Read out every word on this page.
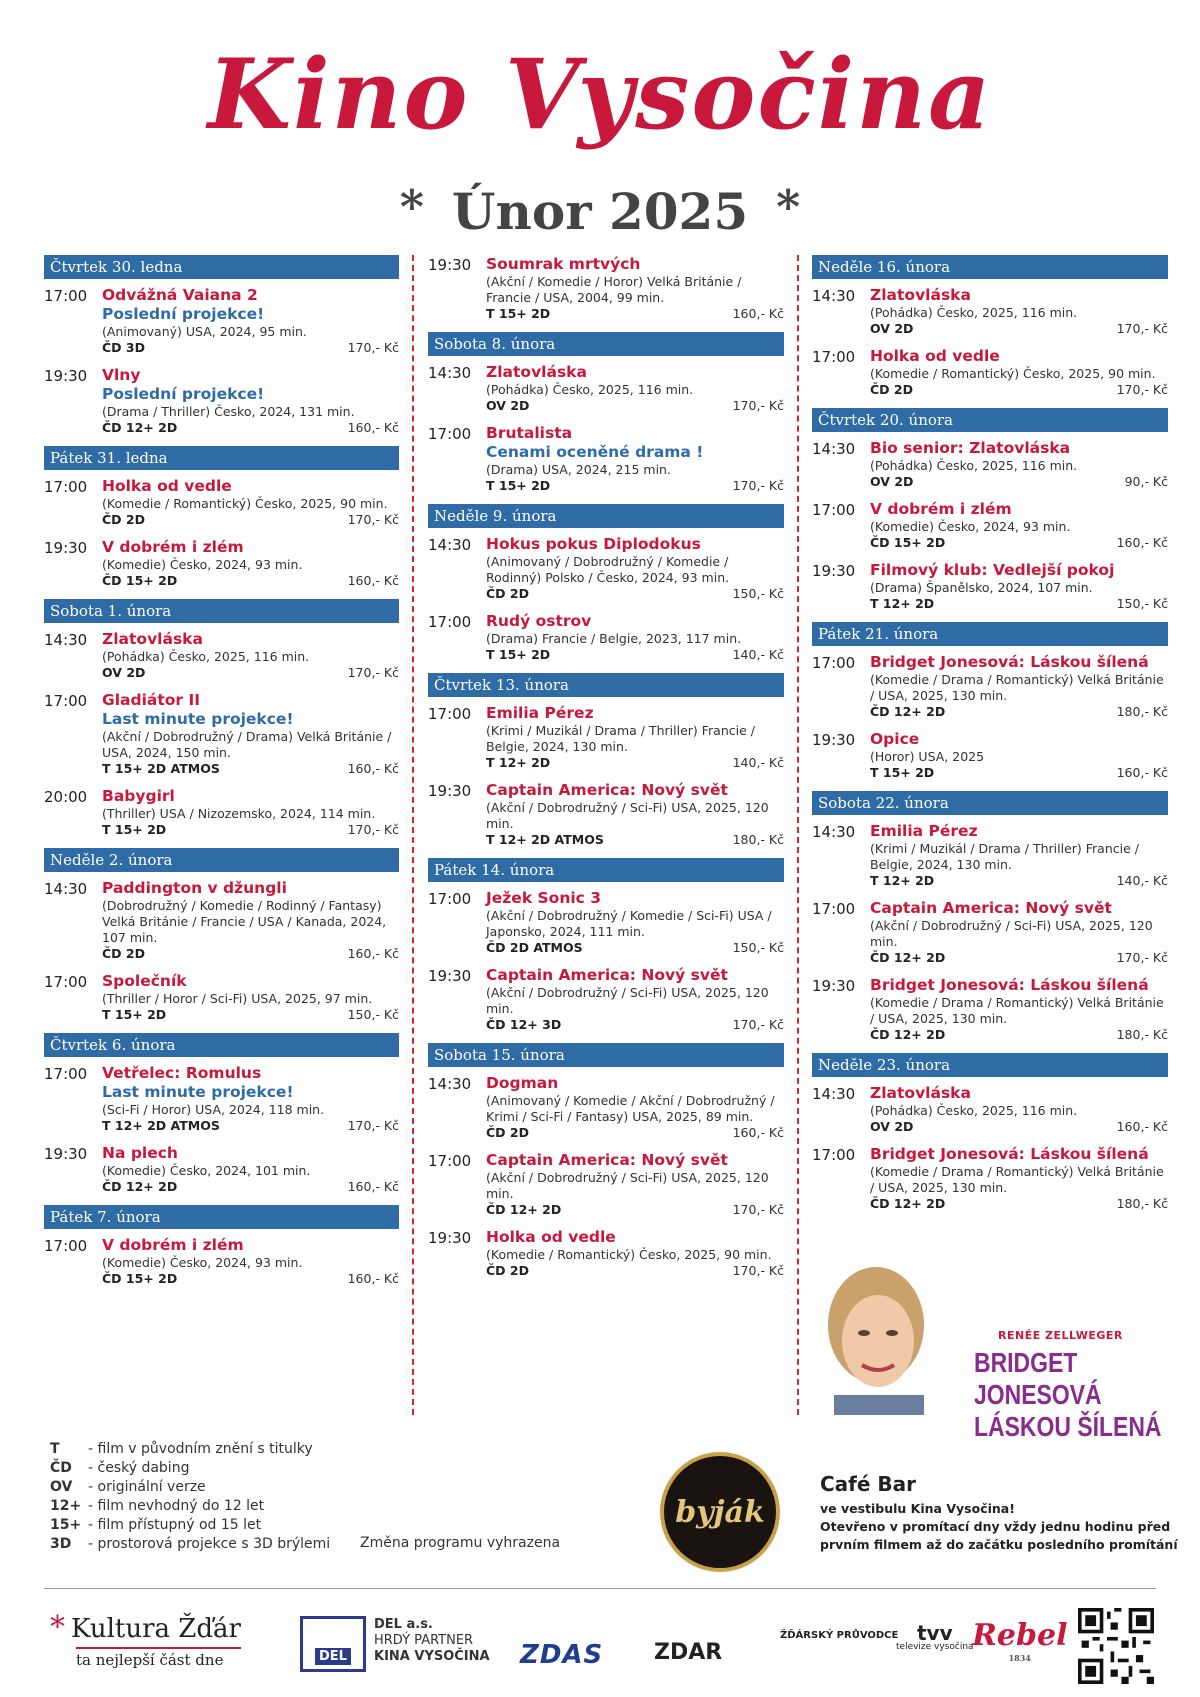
Kino Vysočina
* Únor 2025 *
Čtvrtek 30. ledna
17:00 Odvážná Vaiana 2
Poslední projekce!
(Animovaný) USA, 2024, 95 min.
ČD 3D	170,- Kč
19:30 Vlny
Poslední projekce!
(Drama / Thriller) Česko, 2024, 131 min.
ČD 12+ 2D	160,- Kč
Pátek 31. ledna
17:00 Holka od vedle
(Komedie / Romantický) Česko, 2025, 90 min.
ČD 2D	170,- Kč
19:30 V dobrém i zlém
(Komedie) Česko, 2024, 93 min.
ČD 15+ 2D	160,- Kč
Sobota 1. února
14:30 Zlatovláska
(Pohádka) Česko, 2025, 116 min.
OV 2D	170,- Kč
17:00 Gladiátor II
Last minute projekce!
(Akční / Dobrodružný / Drama) Velká Británie / USA, 2024, 150 min.
T 15+ 2D ATMOS	160,- Kč
20:00 Babygirl
(Thriller) USA / Nizozemsko, 2024, 114 min.
T 15+ 2D	170,- Kč
Neděle 2. února
14:30 Paddington v džungli
(Dobrodružný / Komedie / Rodinný / Fantasy) Velká Británie / Francie / USA / Kanada, 2024, 107 min.
ČD 2D	160,- Kč
17:00 Společník
(Thriller / Horor / Sci-Fi) USA, 2025, 97 min.
T 15+ 2D	150,- Kč
Čtvrtek 6. února
17:00 Vetřelec: Romulus
Last minute projekce!
(Sci-Fi / Horor) USA, 2024, 118 min.
T 12+ 2D ATMOS	170,- Kč
19:30 Na plech
(Komedie) Česko, 2024, 101 min.
ČD 12+ 2D	160,- Kč
Pátek 7. února
17:00 V dobrém i zlém
(Komedie) Česko, 2024, 93 min.
ČD 15+ 2D	160,- Kč
19:30 Soumrak mrtvých
(Akční / Komedie / Horor) Velká Británie / Francie / USA, 2004, 99 min.
T 15+ 2D	160,- Kč
Sobota 8. února
14:30 Zlatovláska
(Pohádka) Česko, 2025, 116 min.
OV 2D	170,- Kč
17:00 Brutalista
Cenami oceněné drama !
(Drama) USA, 2024, 215 min.
T 15+ 2D	170,- Kč
Neděle 9. února
14:30 Hokus pokus Diplodokus
(Animovaný / Dobrodružný / Komedie / Rodinný) Polsko / Česko, 2024, 93 min.
ČD 2D	150,- Kč
17:00 Rudý ostrov
(Drama) Francie / Belgie, 2023, 117 min.
T 15+ 2D	140,- Kč
Čtvrtek 13. února
17:00 Emilia Pérez
(Krimi / Muzikál / Drama / Thriller) Francie / Belgie, 2024, 130 min.
T 12+ 2D	140,- Kč
19:30 Captain America: Nový svět
(Akční / Dobrodružný / Sci-Fi) USA, 2025, 120 min.
T 12+ 2D ATMOS	180,- Kč
Pátek 14. února
17:00 Ježek Sonic 3
(Akční / Dobrodružný / Komedie / Sci-Fi) USA / Japonsko, 2024, 111 min.
ČD 2D ATMOS	150,- Kč
19:30 Captain America: Nový svět
(Akční / Dobrodružný / Sci-Fi) USA, 2025, 120 min.
ČD 12+ 3D	170,- Kč
Sobota 15. února
14:30 Dogman
(Animovaný / Komedie / Akční / Dobrodružný / Krimi / Sci-Fi / Fantasy) USA, 2025, 89 min.
ČD 2D	160,- Kč
17:00 Captain America: Nový svět
(Akční / Dobrodružný / Sci-Fi) USA, 2025, 120 min.
ČD 12+ 2D	170,- Kč
19:30 Holka od vedle
(Komedie / Romantický) Česko, 2025, 90 min.
ČD 2D	170,- Kč
Neděle 16. února
14:30 Zlatovláska
(Pohádka) Česko, 2025, 116 min.
OV 2D	170,- Kč
17:00 Holka od vedle
(Komedie / Romantický) Česko, 2025, 90 min.
ČD 2D	170,- Kč
Čtvrtek 20. února
14:30 Bio senior: Zlatovláska
(Pohádka) Česko, 2025, 116 min.
OV 2D	90,- Kč
17:00 V dobrém i zlém
(Komedie) Česko, 2024, 93 min.
ČD 15+ 2D	160,- Kč
19:30 Filmový klub: Vedlejší pokoj
(Drama) Španělsko, 2024, 107 min.
T 12+ 2D	150,- Kč
Pátek 21. února
17:00 Bridget Jonesová: Láskou šílená
(Komedie / Drama / Romantický) Velká Británie / USA, 2025, 130 min.
ČD 12+ 2D	180,- Kč
19:30 Opice
(Horor) USA, 2025
T 15+ 2D	160,- Kč
Sobota 22. února
14:30 Emilia Pérez
(Krimi / Muzikál / Drama / Thriller) Francie / Belgie, 2024, 130 min.
T 12+ 2D	140,- Kč
17:00 Captain America: Nový svět
(Akční / Dobrodružný / Sci-Fi) USA, 2025, 120 min.
ČD 12+ 2D	170,- Kč
19:30 Bridget Jonesová: Láskou šílená
(Komedie / Drama / Romantický) Velká Británie / USA, 2025, 130 min.
ČD 12+ 2D	180,- Kč
Neděle 23. února
14:30 Zlatovláska
(Pohádka) Česko, 2025, 116 min.
OV 2D	160,- Kč
17:00 Bridget Jonesová: Láskou šílená
(Komedie / Drama / Romantický) Velká Británie / USA, 2025, 130 min.
ČD 12+ 2D	180,- Kč
RENÉE ZELLWEGER
BRIDGET JONESOVÁ
LÁSKOU ŠÍLENÁ
T	- film v původním znění s titulky
ČD	- český dabing
OV	- originální verze
12+ - film nevhodný do 12 let
15+ - film přístupný od 15 let
3D	- prostorová projekce s 3D brýlemi Změna programu vyhrazena
byják
Café Bar
ve vestibulu Kina Vysočina!
Otevřeno v promítací dny vždy jednu hodinu před
prvním filmem až do začátku posledního promítání
* Kultura Žďár
ta nejlepší část dne	DEL
DEL a.s.
HRDÝ PARTNER
KINA VYSOČINA ZDAS ZDAR
ŽĎÁRSKÝ PRŮVODCE tvv
televize vysočina
Rebel
1834
